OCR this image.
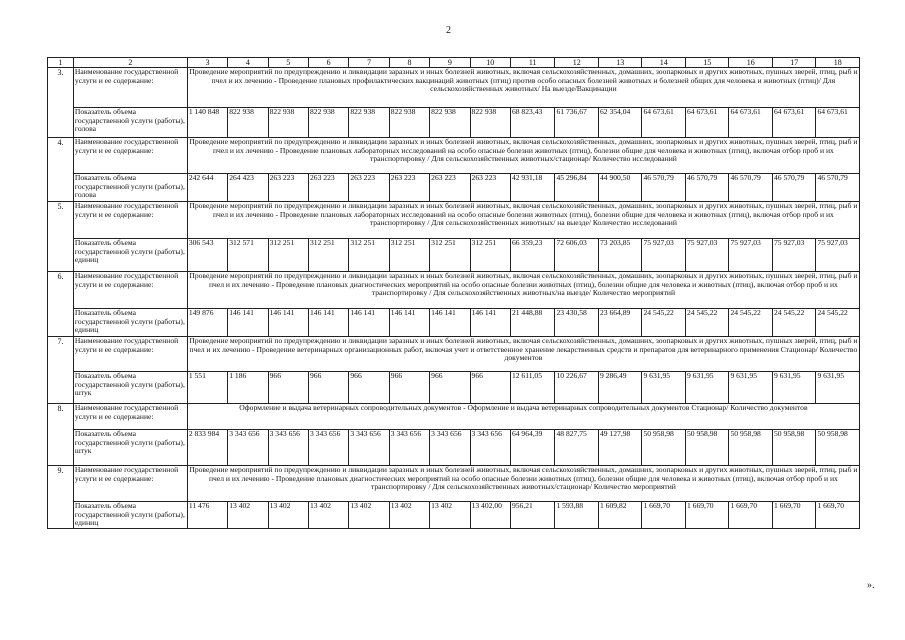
2
1	2	3	4	5	6	7	8	9	10	11	12	13	14	15	16	17	18
3.	Наименование государственной услуги и ее содержание:	Проведение мероприятий по предупреждению и ликвидации заразных и иных болезней животных, включая сельскохозяйственных, домашних, зоопарковых и других животных, пушных зверей, птиц, рыб и пчел и их лечению - Проведение плановых профилактических вакцинаций животных (птиц) против особо опасных болезней животных и болезней общих для человека и животных (птиц)/ Для сельскохозяйственных животных/ На выезде/Вакцинации															
	Показатель объема государственной услуги (работы), голова	1 140 848	822 938	822 938	822 938	822 938	822 938	822 938	822 938	68 823,43	61 736,67	62 354,04	64 673,61	64 673,61	64 673,61	64 673,61	64 673,61
4.	Наименование государственной услуги и ее содержание:	Проведение мероприятий по предупреждению и ликвидации заразных и иных болезней животных, включая сельскохозяйственных, домашних, зоопарковых и других животных, пушных зверей, птиц, рыб и пчел и их лечению - Проведение плановых лабораторных исследований на особо опасные болезни животных (птиц), болезни общие для человека и животных (птиц), включая отбор проб и их транспортировку / Для сельскохозяйственных животных/стационар/ Количество исследований															
	Показатель объема государственной услуги (работы), голова	242 644	264 423	263 223	263 223	263 223	263 223	263 223	263 223	42 931,18	45 296,84	44 900,50	46 570,79	46 570,79	46 570,79	46 570,79	46 570,79
5.	Наименование государственной услуги и ее содержание:	Проведение мероприятий по предупреждению и ликвидации заразных и иных болезней животных, включая сельскохозяйственных, домашних, зоопарковых и других животных, пушных зверей, птиц, рыб и пчел и их лечению - Проведение плановых лабораторных исследований на особо опасные болезни животных (птиц), болезни общие для человека и животных (птиц), включая отбор проб и их транспортировку / Для сельскохозяйственных животных/ на выезде/ Количество исследований															
	Показатель объема государственной услуги (работы), единиц	306 543	312 571	312 251	312 251	312 251	312 251	312 251	312 251	66 359,23	72 606,03	73 203,85	75 927,03	75 927,03	75 927,03	75 927,03	75 927,03
6.	Наименование государственной услуги и ее содержание:	Проведение мероприятий по предупреждению и ликвидации заразных и иных болезней животных, включая сельскохозяйственных, домашних, зоопарковых и других животных, пушных зверей, птиц, рыб и пчел и их лечению - Проведение плановых диагностических мероприятий на особо опасные болезни животных (птиц), болезни общие для человека и животных (птиц), включая отбор проб и их транспортировку / Для сельскохозяйственных животных/на выезде/ Количество мероприятий															
	Показатель объема государственной услуги (работы), единиц	149 876	146 141	146 141	146 141	146 141	146 141	146 141	146 141	21 448,88	23 430,58	23 664,89	24 545,22	24 545,22	24 545,22	24 545,22	24 545,22
7.	Наименование государственной услуги и ее содержание:	Проведение мероприятий по предупреждению и ликвидации заразных и иных болезней животных, включая сельскохозяйственных, домашних, зоопарковых и других животных, пушных зверей, птиц, рыб и пчел и их лечению - Проведение ветеринарных организационных работ, включая учет и ответственное хранение лекарственных средств и препаратов для ветеринарного применения Стационар/ Количество документов															
	Показатель объема государственной услуги (работы), штук	1 551	1 186	966	966	966	966	966	966	12 611,05	10 226,67	9 286,49	9 631,95	9 631,95	9 631,95	9 631,95	9 631,95
8.	Наименование государственной услуги и ее содержание:	Оформление и выдача ветеринарных сопроводительных документов - Оформление и выдача ветеринарных сопроводительных документов Стационар/ Количество документов															
	Показатель объема государственной услуги (работы), штук	2 833 984	3 343 656	3 343 656	3 343 656	3 343 656	3 343 656	3 343 656	3 343 656	64 964,39	48 827,75	49 127,98	50 958,98	50 958,98	50 958,98	50 958,98	50 958,98
9.	Наименование государственной услуги и ее содержание:	Проведение мероприятий по предупреждению и ликвидации заразных и иных болезней животных, включая сельскохозяйственных, домашних, зоопарковых и других животных, пушных зверей, птиц, рыб и пчел и их лечению - Проведение плановых диагностических мероприятий на особо опасные болезни животных (птиц), болезни общие для человека и животных (птиц), включая отбор проб и их транспортировку / Для сельскохозяйственных животных/стационар/ Количество мероприятий															
	Показатель объема государственной услуги (работы), единиц	11 476	13 402	13 402	13 402	13 402	13 402	13 402	13 402,00	956,21	1 593,88	1 609,82	1 669,70	1 669,70	1 669,70	1 669,70	1 669,70
».
